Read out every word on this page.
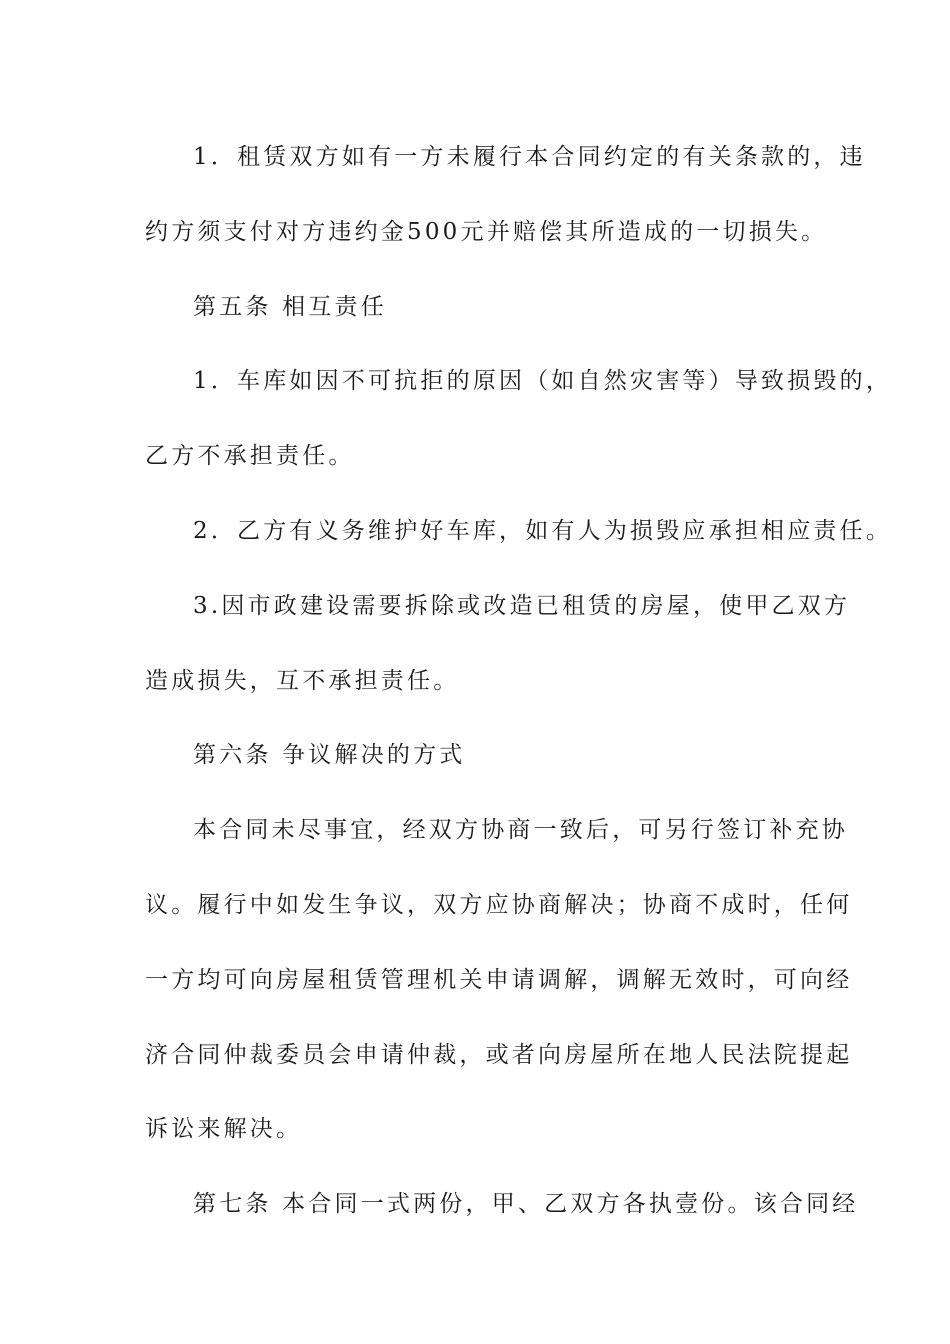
1．租赁双方如有一方未履行本合同约定的有关条款的，违
约方须支付对方违约金500元并赔偿其所造成的一切损失。
第五条 相互责任
1．车库如因不可抗拒的原因（如自然灾害等）导致损毁的，
乙方不承担责任。
2．乙方有义务维护好车库，如有人为损毁应承担相应责任。
3.因市政建设需要拆除或改造已租赁的房屋，使甲乙双方
造成损失，互不承担责任。
第六条 争议解决的方式
本合同未尽事宜，经双方协商一致后，可另行签订补充协
议。履行中如发生争议，双方应协商解决；协商不成时，任何
一方均可向房屋租赁管理机关申请调解，调解无效时，可向经
济合同仲裁委员会申请仲裁，或者向房屋所在地人民法院提起
诉讼来解决。
第七条 本合同一式两份，甲、乙双方各执壹份。该合同经
